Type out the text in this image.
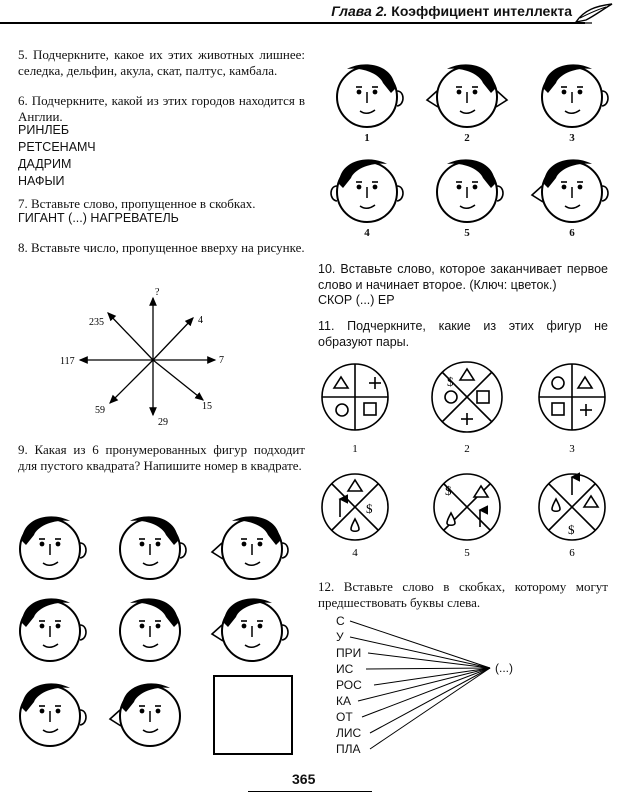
Глава 2. Коэффициент интеллекта
5. Подчеркните, какое их этих животных лишнее: селедка, дельфин, акула, скат, палтус, камбала.
6. Подчеркните, какой из этих городов находится в Англии.
РИНЛЕБ
РЕТСЕНАМЧ
ДАДРИМ
НАФЫИ
7. Вставьте слово, пропущенное в скобках.
ГИГАНТ (...) НАГРЕВАТЕЛЬ
8. Вставьте число, пропущенное вверху на рисунке.
?
4
7
15
29
59
117
235
9. Какая из 6 пронумерованных фигур подходит для пустого квадрата? Напишите номер в квадрате.
1	2	3
4	5	6
10. Вставьте слово, которое заканчивает первое слово и начинает второе. (Ключ: цветок.)
СКОР (...) ЕР
11. Подчеркните, какие из этих фигур не образуют пары.
$
$
$
$
1	2	3
4	5	6
12. Вставьте слово в скобках, которому могут предшествовать буквы слева.
С
У
ПРИ
ИС
РОС
КА
ОТ
ЛИС
ПЛА
(...)
365
